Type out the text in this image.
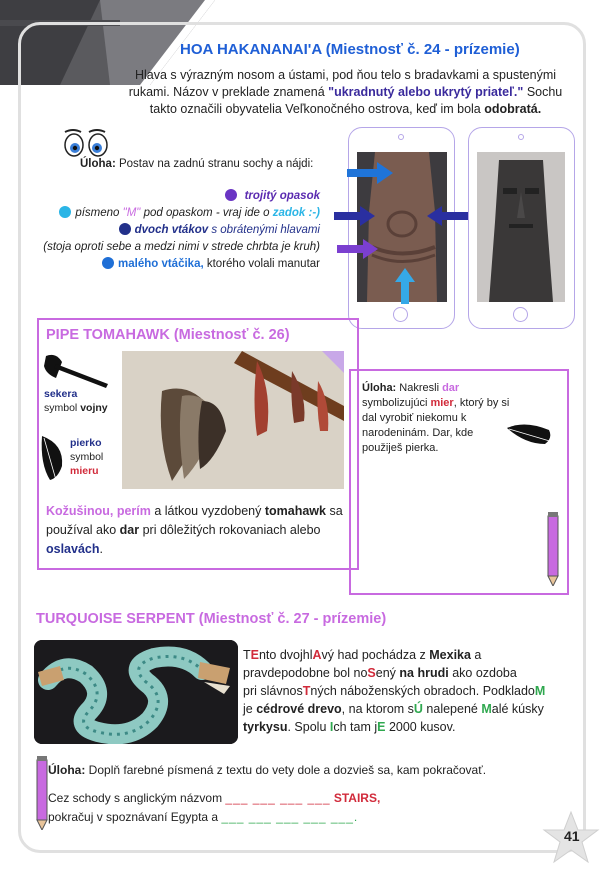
HOA HAKANANAI'A (Miestnosť č. 24 - prízemie)
Hlava s výrazným nosom a ústami, pod ňou telo s bradavkami a spustenými rukami. Názov v preklade znamená "ukradnutý alebo ukrytý priateľ." Sochu takto označili obyvatelia Veľkonočného ostrova, keď im bola odobratá.
Úloha: Postav na zadnú stranu sochy a nájdi:
trojitý opasok
písmeno "M" pod opaskom - vraj ide o zadok :-)
dvoch vtákov s obrátenými hlavami
(stoja oproti sebe a medzi nimi v strede chrbta je kruh)
malého vtáčika, ktorého volali manutar
PIPE TOMAHAWK (Miestnosť č. 26)
sekera
symbol vojny
pierko
symbol
mieru
Kožušinou, perím a látkou vyzdobený tomahawk sa používal ako dar pri dôležitých rokovaniach alebo oslavách.
Úloha: Nakresli dar symbolizujúci mier, ktorý by si dal vyrobiť niekomu k narodeninám. Dar, kde použiješ pierka.
TURQUOISE SERPENT (Miestnosť č. 27 - prízemie)
TEnto dvojhlAvý had pochádza z Mexika a
pravdepodobne bol noSený na hrudi ako ozdoba
pri slávnosTných náboženských obradoch. PodkladoM
je cédrové drevo, na ktorom sÚ nalepené Malé kúsky
tyrkysu. Spolu Ich tam jE 2000 kusov.
Úloha: Doplň farebné písmená z textu do vety dole a dozvieš sa, kam pokračovať.
Cez schody s anglickým názvom ___ ___ ___ ___ STAIRS,
pokračuj v spoznávaní Egypta a ___ ___ ___ ___ ___.
41
